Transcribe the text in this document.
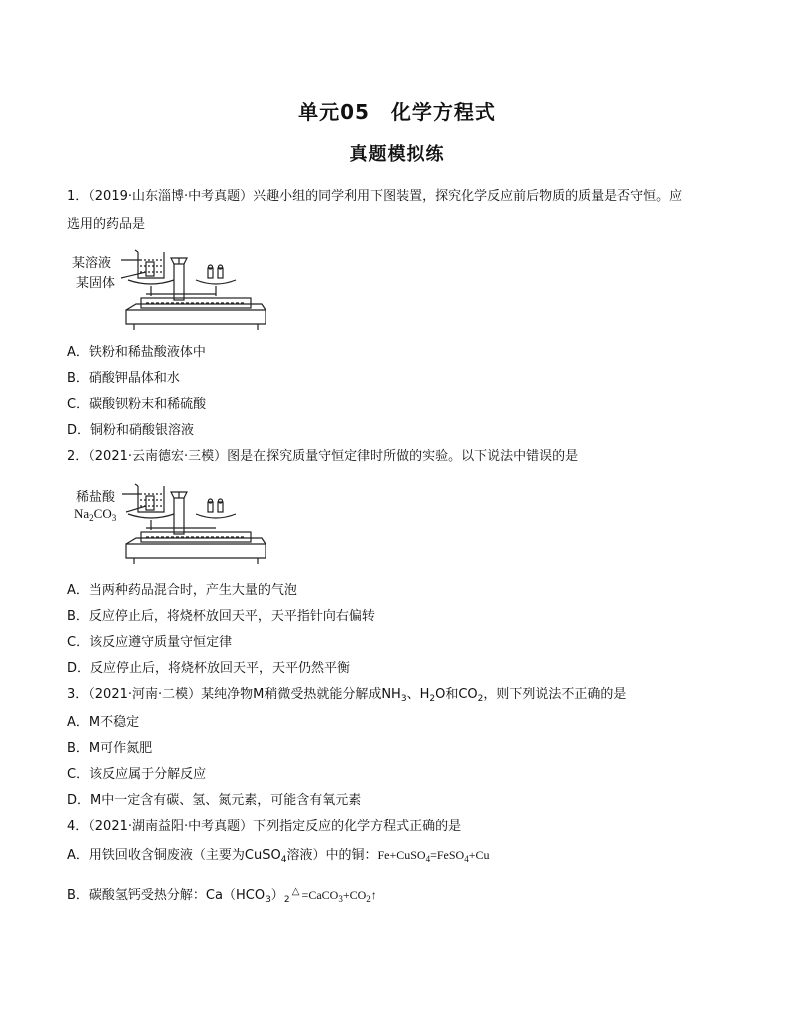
单元05　化学方程式
真题模拟练
1．（2019·山东淄博·中考真题）兴趣小组的同学利用下图装置，探究化学反应前后物质的质量是否守恒。应
选用的药品是
某溶液
某固体
A．铁粉和稀盐酸液体中
B．硝酸钾晶体和水
C．碳酸钡粉末和稀硫酸
D．铜粉和硝酸银溶液
2．（2021·云南德宏·三模）图是在探究质量守恒定律时所做的实验。以下说法中错误的是
稀盐酸
$Na_2CO_3$
A．当两种药品混合时，产生大量的气泡
B．反应停止后，将烧杯放回天平，天平指针向右偏转
C．该反应遵守质量守恒定律
D．反应停止后，将烧杯放回天平，天平仍然平衡
3．（2021·河南·二模）某纯净物M稍微受热就能分解成$NH_3$、$H_2O$和$CO_2$，则下列说法不正确的是
A．M不稳定
B．M可作氮肥
C．该反应属于分解反应
D．M中一定含有碳、氢、氮元素，可能含有氧元素
4．（2021·湖南益阳·中考真题）下列指定反应的化学方程式正确的是
A．用铁回收含铜废液（主要为CuSO$_4$溶液）中的铜：Fe+CuSO$_4$=FeSO$_4$+Cu
B．碳酸氢钙受热分解：$Ca(HCO_3)_2$
△ $=CaCO_3+CO_2↑$
